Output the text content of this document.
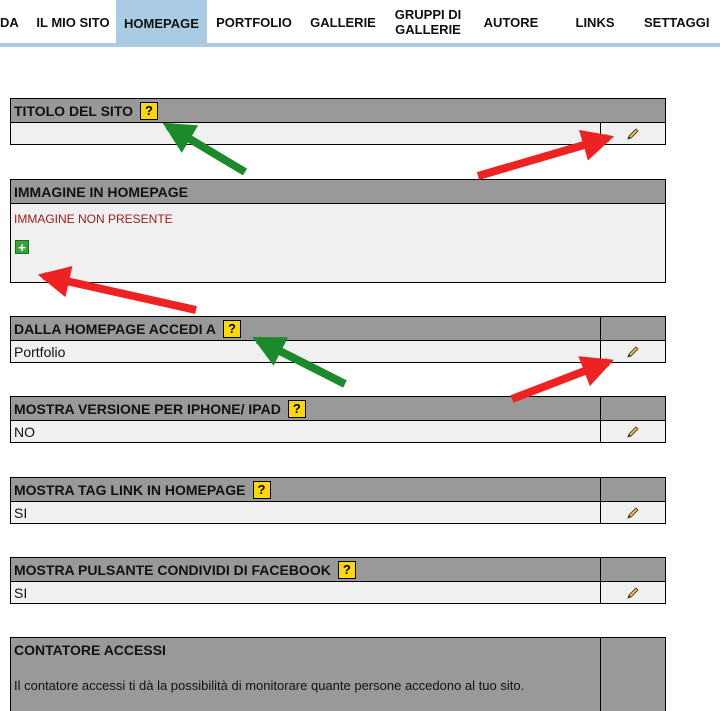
DA IL MIO SITO HOMEPAGE PORTFOLIO GALLERIE GRUPPI DI
GALLERIE AUTORE	LINKS SETTAGGI
TITOLO DEL SITO ?
IMMAGINE IN HOMEPAGE
IMMAGINE NON PRESENTE
+
DALLA HOMEPAGE ACCEDI A ?
Portfolio
MOSTRA VERSIONE PER IPHONE/ IPAD ?
NO
MOSTRA TAG LINK IN HOMEPAGE ?
SI
MOSTRA PULSANTE CONDIVIDI DI FACEBOOK ?
SI
CONTATORE ACCESSI
Il contatore accessi ti dà la possibilità di monitorare quante persone accedono al tuo sito.
